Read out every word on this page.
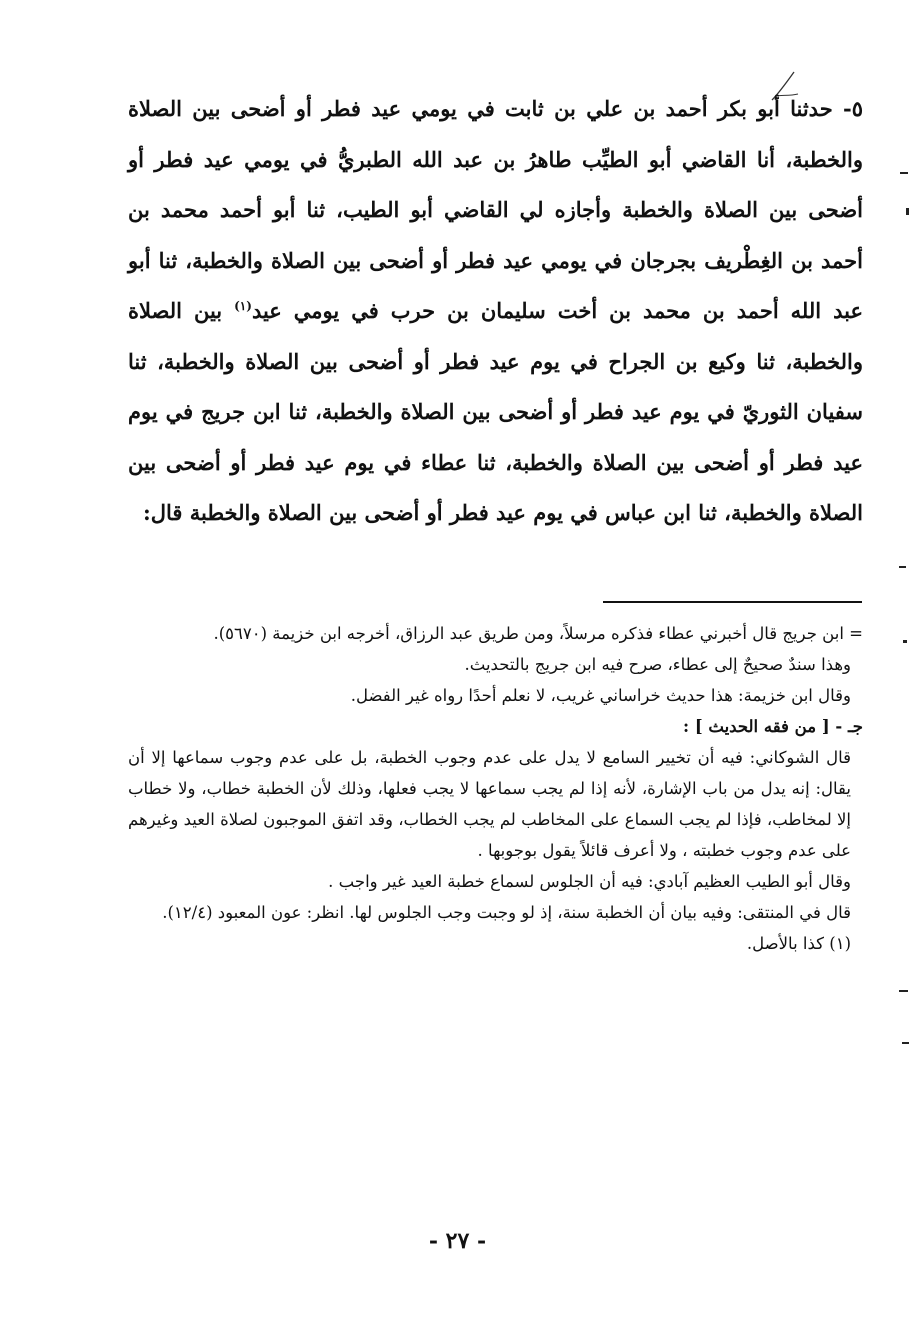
٥- حدثنا أبو بكر أحمد بن علي بن ثابت في يومي عيد فطر أو أضحى بين الصلاة والخطبة، أنا القاضي أبو الطيِّب طاهرُ بن عبد الله الطبريُّ في يومي عيد فطر أو أضحى بين الصلاة والخطبة وأجازه لي القاضي أبو الطيب، ثنا أبو أحمد محمد بن أحمد بن الغِطْريف بجرجان في يومي عيد فطر أو أضحى بين الصلاة والخطبة، ثنا أبو عبد الله أحمد بن محمد بن أخت سليمان بن حرب في يومي عيد$^{(١)}$ بين الصلاة والخطبة، ثنا وكيع بن الجراح في يوم عيد فطر أو أضحى بين الصلاة والخطبة، ثنا سفيان الثوريّ في يوم عيد فطر أو أضحى بين الصلاة والخطبة، ثنا ابن جريج في يوم عيد فطر أو أضحى بين الصلاة والخطبة، ثنا عطاء في يوم عيد فطر أو أضحى بين الصلاة والخطبة، ثنا ابن عباس في يوم عيد فطر أو أضحى بين الصلاة والخطبة قال:

= ابن جريج قال أخبرني عطاء فذكره مرسلاً، ومن طريق عبد الرزاق، أخرجه ابن خزيمة (٥٦٧٠).

وهذا سندٌ صحيحٌ إلى عطاء، صرح فيه ابن جريج بالتحديث.

وقال ابن خزيمة: هذا حديث خراساني غريب، لا نعلم أحدًا رواه غير الفضل.

جـ - [ من فقه الحديث ] :

قال الشوكاني: فيه أن تخيير السامع لا يدل على عدم وجوب الخطبة، بل على عدم وجوب سماعها إلا أن يقال: إنه يدل من باب الإشارة، لأنه إذا لم يجب سماعها لا يجب فعلها، وذلك لأن الخطبة خطاب، ولا خطاب إلا لمخاطب، فإذا لم يجب السماع على المخاطب لم يجب الخطاب، وقد اتفق الموجبون لصلاة العيد وغيرهم على عدم وجوب خطبته ، ولا أعرف قائلاً يقول بوجوبها .

وقال أبو الطيب العظيم آبادي: فيه أن الجلوس لسماع خطبة العيد غير واجب .

قال في المنتقى: وفيه بيان أن الخطبة سنة، إذ لو وجبت وجب الجلوس لها. انظر: عون المعبود (١٢/٤).

(١) كذا بالأصل.

- ٢٧ -
